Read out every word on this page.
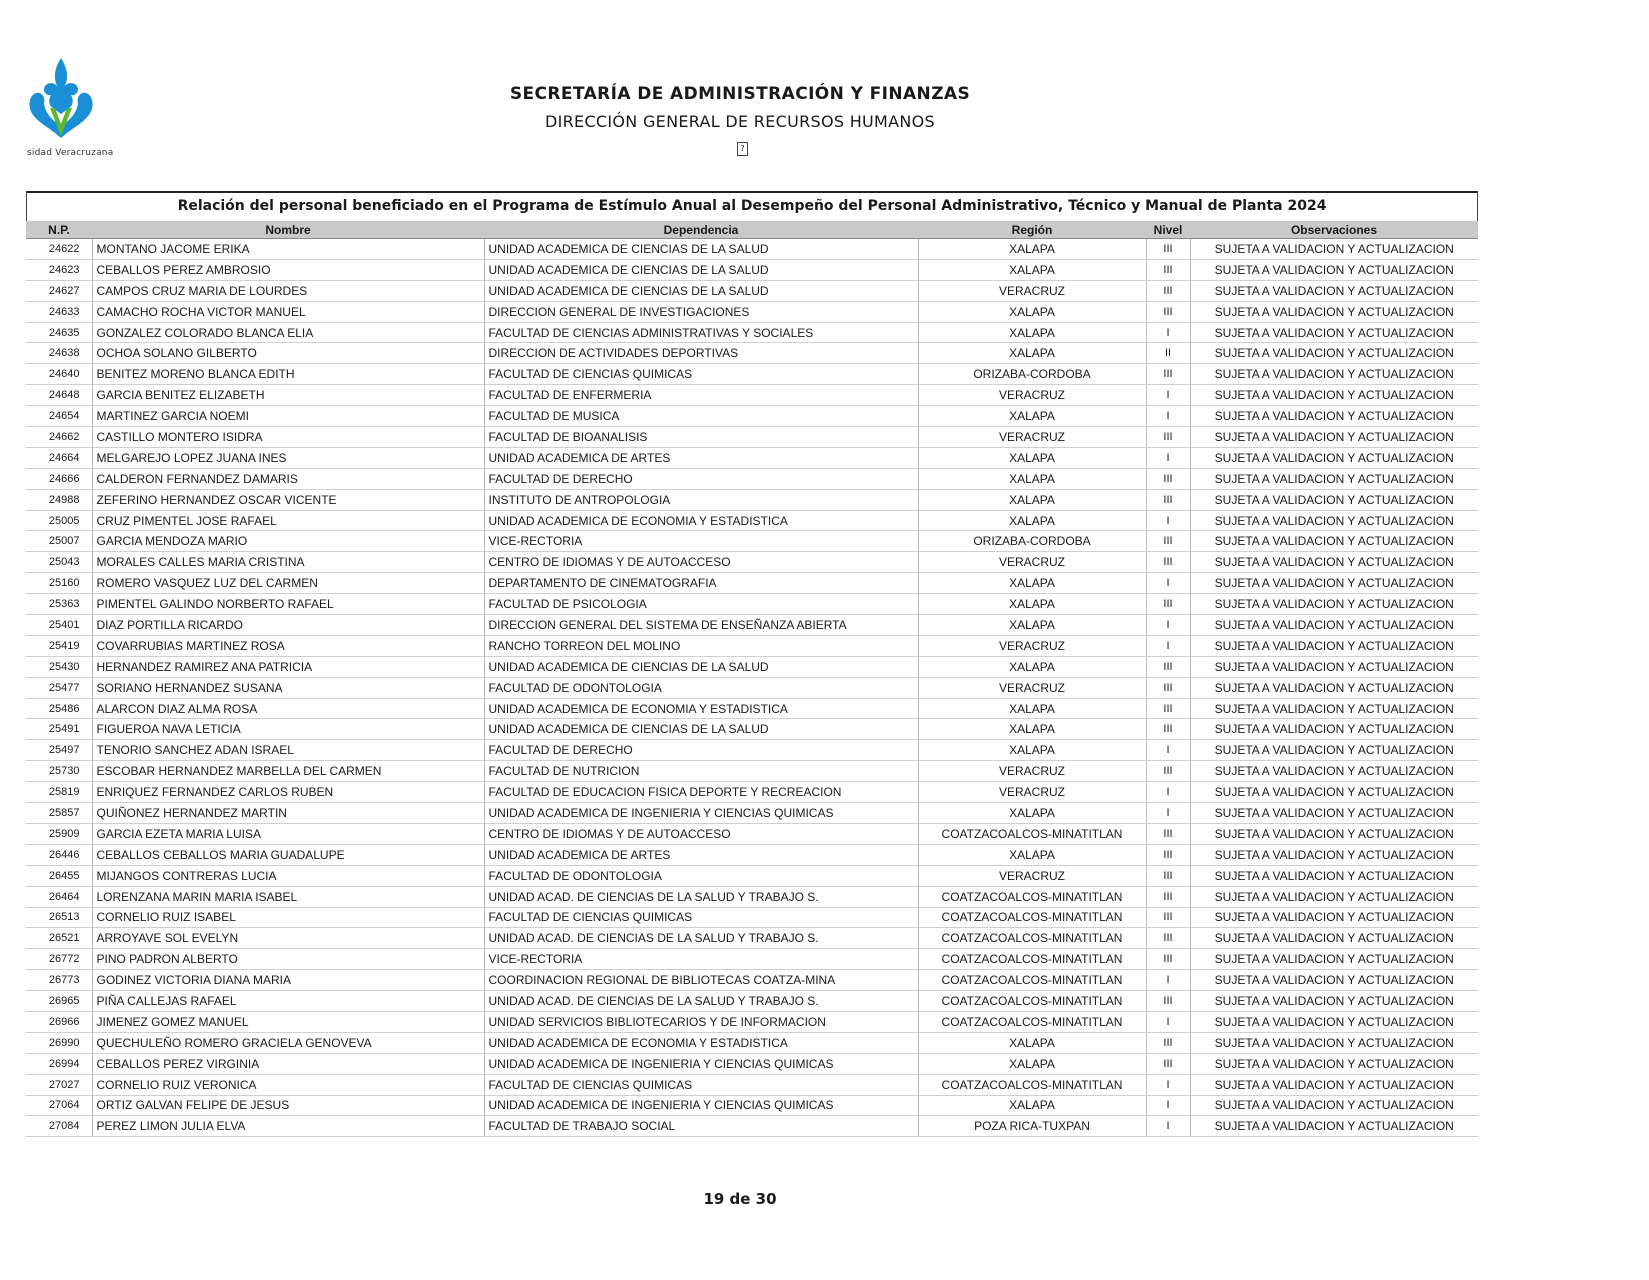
sidad Veracruzana
SECRETARÍA DE ADMINISTRACIÓN Y FINANZAS
DIRECCIÓN GENERAL DE RECURSOS HUMANOS
?
Relación del personal beneficiado en el Programa de Estímulo Anual al Desempeño del Personal Administrativo, Técnico y Manual de Planta 2024
N.P.	Nombre	Dependencia	Región	Nivel	Observaciones
24622	MONTANO JACOME ERIKA	UNIDAD ACADEMICA DE CIENCIAS DE LA SALUD	XALAPA	III	SUJETA A VALIDACION Y ACTUALIZACION
24623	CEBALLOS PEREZ AMBROSIO	UNIDAD ACADEMICA DE CIENCIAS DE LA SALUD	XALAPA	III	SUJETA A VALIDACION Y ACTUALIZACION
24627	CAMPOS CRUZ MARIA DE LOURDES	UNIDAD ACADEMICA DE CIENCIAS DE LA SALUD	VERACRUZ	III	SUJETA A VALIDACION Y ACTUALIZACION
24633	CAMACHO ROCHA VICTOR MANUEL	DIRECCION GENERAL DE INVESTIGACIONES	XALAPA	III	SUJETA A VALIDACION Y ACTUALIZACION
24635	GONZALEZ COLORADO BLANCA ELIA	FACULTAD DE CIENCIAS ADMINISTRATIVAS Y SOCIALES	XALAPA	I	SUJETA A VALIDACION Y ACTUALIZACION
24638	OCHOA SOLANO GILBERTO	DIRECCION DE ACTIVIDADES DEPORTIVAS	XALAPA	II	SUJETA A VALIDACION Y ACTUALIZACION
24640	BENITEZ MORENO BLANCA EDITH	FACULTAD DE CIENCIAS QUIMICAS	ORIZABA-CORDOBA	III	SUJETA A VALIDACION Y ACTUALIZACION
24648	GARCIA BENITEZ ELIZABETH	FACULTAD DE ENFERMERIA	VERACRUZ	I	SUJETA A VALIDACION Y ACTUALIZACION
24654	MARTINEZ GARCIA NOEMI	FACULTAD DE MUSICA	XALAPA	I	SUJETA A VALIDACION Y ACTUALIZACION
24662	CASTILLO MONTERO ISIDRA	FACULTAD DE BIOANALISIS	VERACRUZ	III	SUJETA A VALIDACION Y ACTUALIZACION
24664	MELGAREJO LOPEZ JUANA INES	UNIDAD ACADEMICA DE ARTES	XALAPA	I	SUJETA A VALIDACION Y ACTUALIZACION
24666	CALDERON FERNANDEZ DAMARIS	FACULTAD DE DERECHO	XALAPA	III	SUJETA A VALIDACION Y ACTUALIZACION
24988	ZEFERINO HERNANDEZ OSCAR VICENTE	INSTITUTO DE ANTROPOLOGIA	XALAPA	III	SUJETA A VALIDACION Y ACTUALIZACION
25005	CRUZ PIMENTEL JOSE RAFAEL	UNIDAD ACADEMICA DE ECONOMIA Y ESTADISTICA	XALAPA	I	SUJETA A VALIDACION Y ACTUALIZACION
25007	GARCIA MENDOZA MARIO	VICE-RECTORIA	ORIZABA-CORDOBA	III	SUJETA A VALIDACION Y ACTUALIZACION
25043	MORALES CALLES MARIA CRISTINA	CENTRO DE IDIOMAS Y DE AUTOACCESO	VERACRUZ	III	SUJETA A VALIDACION Y ACTUALIZACION
25160	ROMERO VASQUEZ LUZ DEL CARMEN	DEPARTAMENTO DE CINEMATOGRAFIA	XALAPA	I	SUJETA A VALIDACION Y ACTUALIZACION
25363	PIMENTEL GALINDO NORBERTO RAFAEL	FACULTAD DE PSICOLOGIA	XALAPA	III	SUJETA A VALIDACION Y ACTUALIZACION
25401	DIAZ PORTILLA RICARDO	DIRECCION GENERAL DEL SISTEMA DE ENSEÑANZA ABIERTA	XALAPA	I	SUJETA A VALIDACION Y ACTUALIZACION
25419	COVARRUBIAS MARTINEZ ROSA	RANCHO TORREON DEL MOLINO	VERACRUZ	I	SUJETA A VALIDACION Y ACTUALIZACION
25430	HERNANDEZ RAMIREZ ANA PATRICIA	UNIDAD ACADEMICA DE CIENCIAS DE LA SALUD	XALAPA	III	SUJETA A VALIDACION Y ACTUALIZACION
25477	SORIANO HERNANDEZ SUSANA	FACULTAD DE ODONTOLOGIA	VERACRUZ	III	SUJETA A VALIDACION Y ACTUALIZACION
25486	ALARCON DIAZ ALMA ROSA	UNIDAD ACADEMICA DE ECONOMIA Y ESTADISTICA	XALAPA	III	SUJETA A VALIDACION Y ACTUALIZACION
25491	FIGUEROA NAVA LETICIA	UNIDAD ACADEMICA DE CIENCIAS DE LA SALUD	XALAPA	III	SUJETA A VALIDACION Y ACTUALIZACION
25497	TENORIO SANCHEZ ADAN ISRAEL	FACULTAD DE DERECHO	XALAPA	I	SUJETA A VALIDACION Y ACTUALIZACION
25730	ESCOBAR HERNANDEZ MARBELLA DEL CARMEN	FACULTAD DE NUTRICION	VERACRUZ	III	SUJETA A VALIDACION Y ACTUALIZACION
25819	ENRIQUEZ FERNANDEZ CARLOS RUBEN	FACULTAD DE EDUCACION FISICA DEPORTE Y RECREACION	VERACRUZ	I	SUJETA A VALIDACION Y ACTUALIZACION
25857	QUIÑONEZ HERNANDEZ MARTIN	UNIDAD ACADEMICA DE INGENIERIA Y CIENCIAS QUIMICAS	XALAPA	I	SUJETA A VALIDACION Y ACTUALIZACION
25909	GARCIA EZETA MARIA LUISA	CENTRO DE IDIOMAS Y DE AUTOACCESO	COATZACOALCOS-MINATITLAN	III	SUJETA A VALIDACION Y ACTUALIZACION
26446	CEBALLOS CEBALLOS MARIA GUADALUPE	UNIDAD ACADEMICA DE ARTES	XALAPA	III	SUJETA A VALIDACION Y ACTUALIZACION
26455	MIJANGOS CONTRERAS LUCIA	FACULTAD DE ODONTOLOGIA	VERACRUZ	III	SUJETA A VALIDACION Y ACTUALIZACION
26464	LORENZANA MARIN MARIA ISABEL	UNIDAD ACAD. DE CIENCIAS DE LA SALUD Y TRABAJO S.	COATZACOALCOS-MINATITLAN	III	SUJETA A VALIDACION Y ACTUALIZACION
26513	CORNELIO RUIZ ISABEL	FACULTAD DE CIENCIAS QUIMICAS	COATZACOALCOS-MINATITLAN	III	SUJETA A VALIDACION Y ACTUALIZACION
26521	ARROYAVE SOL EVELYN	UNIDAD ACAD. DE CIENCIAS DE LA SALUD Y TRABAJO S.	COATZACOALCOS-MINATITLAN	III	SUJETA A VALIDACION Y ACTUALIZACION
26772	PINO PADRON ALBERTO	VICE-RECTORIA	COATZACOALCOS-MINATITLAN	III	SUJETA A VALIDACION Y ACTUALIZACION
26773	GODINEZ VICTORIA DIANA MARIA	COORDINACION REGIONAL DE BIBLIOTECAS COATZA-MINA	COATZACOALCOS-MINATITLAN	I	SUJETA A VALIDACION Y ACTUALIZACION
26965	PIÑA CALLEJAS RAFAEL	UNIDAD ACAD. DE CIENCIAS DE LA SALUD Y TRABAJO S.	COATZACOALCOS-MINATITLAN	III	SUJETA A VALIDACION Y ACTUALIZACION
26966	JIMENEZ GOMEZ MANUEL	UNIDAD SERVICIOS BIBLIOTECARIOS Y DE INFORMACION	COATZACOALCOS-MINATITLAN	I	SUJETA A VALIDACION Y ACTUALIZACION
26990	QUECHULEÑO ROMERO GRACIELA GENOVEVA	UNIDAD ACADEMICA DE ECONOMIA Y ESTADISTICA	XALAPA	III	SUJETA A VALIDACION Y ACTUALIZACION
26994	CEBALLOS PEREZ VIRGINIA	UNIDAD ACADEMICA DE INGENIERIA Y CIENCIAS QUIMICAS	XALAPA	III	SUJETA A VALIDACION Y ACTUALIZACION
27027	CORNELIO RUIZ VERONICA	FACULTAD DE CIENCIAS QUIMICAS	COATZACOALCOS-MINATITLAN	I	SUJETA A VALIDACION Y ACTUALIZACION
27064	ORTIZ GALVAN FELIPE DE JESUS	UNIDAD ACADEMICA DE INGENIERIA Y CIENCIAS QUIMICAS	XALAPA	I	SUJETA A VALIDACION Y ACTUALIZACION
27084	PEREZ LIMON JULIA ELVA	FACULTAD DE TRABAJO SOCIAL	POZA RICA-TUXPAN	I	SUJETA A VALIDACION Y ACTUALIZACION
19 de 30
